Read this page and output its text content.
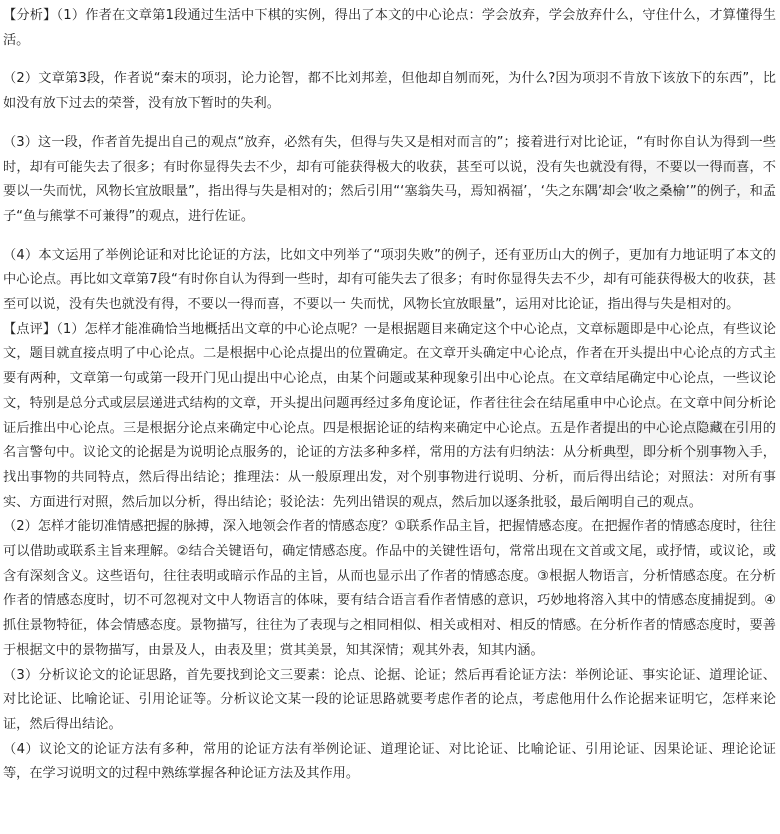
【分析】（1）作者在文章第1段通过生活中下棋的实例，得出了本文的中心论点：学会放弃，学会放弃什么，守住什么，才算懂得生活。

（2）文章第3段，作者说“秦末的项羽，论力论智，都不比刘邦差，但他却自刎而死，为什么?因为项羽不肯放下该放下的东西”，比如没有放下过去的荣誉，没有放下暂时的失利。

（3）这一段，作者首先提出自己的观点“放弃，必然有失，但得与失又是相对而言的”；接着进行对比论证，“有时你自认为得到一些时，却有可能失去了很多；有时你显得失去不少，却有可能获得极大的收获，甚至可以说，没有失也就没有得，不要以一得而喜，不要以一失而忧，风物长宜放眼量”，指出得与失是相对的；然后引用“‘塞翁失马，焉知祸福’，‘失之东隅’却会‘收之桑榆’”的例子，和孟子“鱼与熊掌不可兼得”的观点，进行佐证。

（4）本文运用了举例论证和对比论证的方法，比如文中列举了“项羽失败”的例子，还有亚历山大的例子，更加有力地证明了本文的中心论点。再比如文章第7段“有时你自认为得到一些时，却有可能失去了很多；有时你显得失去不少，却有可能获得极大的收获，甚至可以说，没有失也就没有得，不要以一得而喜，不要以一 失而忧，风物长宜放眼量”，运用对比论证，指出得与失是相对的。

【点评】（1）怎样才能准确恰当地概括出文章的中心论点呢？一是根据题目来确定这个中心论点，文章标题即是中心论点，有些议论文，题目就直接点明了中心论点。二是根据中心论点提出的位置确定。在文章开头确定中心论点，作者在开头提出中心论点的方式主要有两种，文章第一句或第一段开门见山提出中心论点，由某个问题或某种现象引出中心论点。在文章结尾确定中心论点，一些议论文，特别是总分式或层层递进式结构的文章，开头提出问题再经过多角度论证，作者往往会在结尾重申中心论点。在文章中间分析论证后推出中心论点。三是根据分论点来确定中心论点。四是根据论证的结构来确定中心论点。五是作者提出的中心论点隐藏在引用的名言警句中。议论文的论据是为说明论点服务的，论证的方法多种多样，常用的方法有归纳法：从分析典型，即分析个别事物入手，找出事物的共同特点，然后得出结论；推理法：从一般原理出发，对个别事物进行说明、分析，而后得出结论；对照法：对所有事实、方面进行对照，然后加以分析，得出结论；驳论法：先列出错误的观点，然后加以逐条批驳，最后阐明自己的观点。

（2）怎样才能切准情感把握的脉搏，深入地领会作者的情感态度？①联系作品主旨，把握情感态度。在把握作者的情感态度时，往往可以借助或联系主旨来理解。②结合关键语句，确定情感态度。作品中的关键性语句，常常出现在文首或文尾，或抒情，或议论，或含有深刻含义。这些语句，往往表明或暗示作品的主旨，从而也显示出了作者的情感态度。③根据人物语言，分析情感态度。在分析作者的情感态度时，切不可忽视对文中人物语言的体味，要有结合语言看作者情感的意识，巧妙地将溶入其中的情感态度捕捉到。④抓住景物特征，体会情感态度。景物描写，往往为了表现与之相同相似、相关或相对、相反的情感。在分析作者的情感态度时，要善于根据文中的景物描写，由景及人，由表及里；赏其美景，知其深情；观其外表，知其内涵。

（3）分析议论文的论证思路，首先要找到论文三要素：论点、论据、论证；然后再看论证方法：举例论证、事实论证、道理论证、对比论证、比喻论证、引用论证等。分析议论文某一段的论证思路就要考虑作者的论点，考虑他用什么作论据来证明它，怎样来论证，然后得出结论。

（4）议论文的论证方法有多种，常用的论证方法有举例论证、道理论证、对比论证、比喻论证、引用论证、因果论证、理论论证等，在学习说明文的过程中熟练掌握各种论证方法及其作用。
